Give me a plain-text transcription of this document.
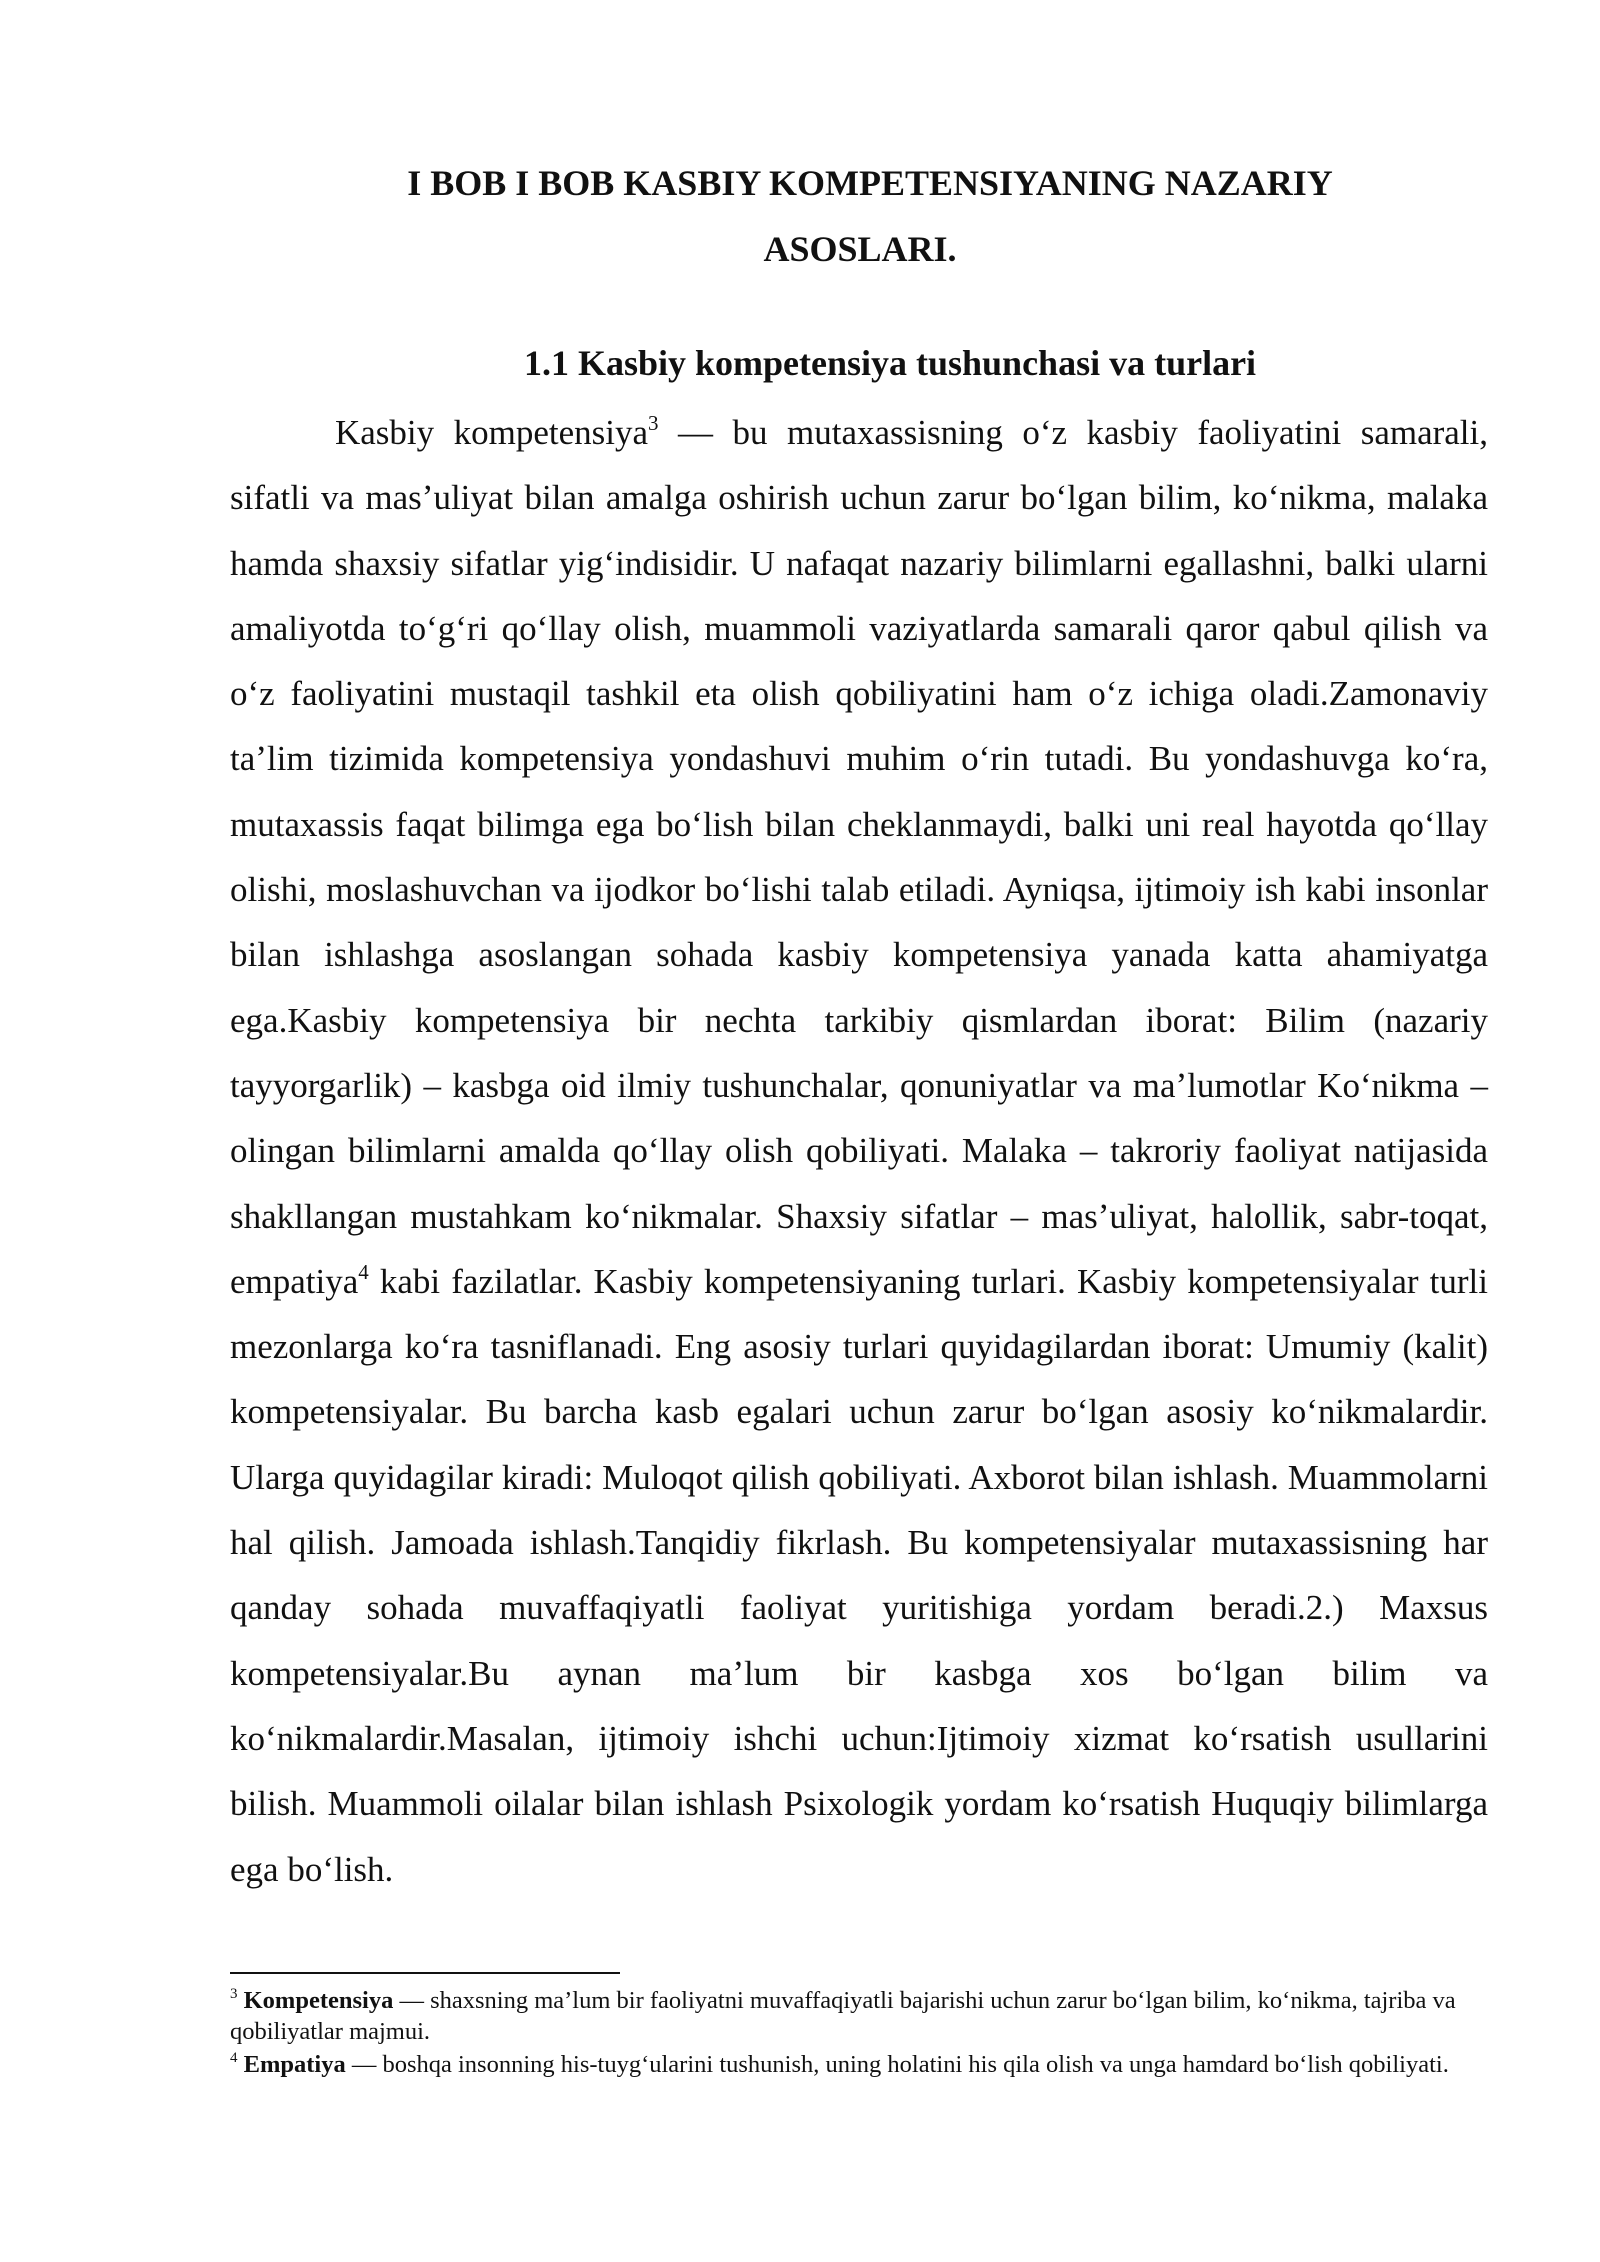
I BOB I BOB KASBIY KOMPETENSIYANING NAZARIY
ASOSLARI.
1.1 Kasbiy kompetensiya tushunchasi va turlari

Kasbiy kompetensiya$^3$ — bu mutaxassisning oʻz kasbiy faoliyatini samarali, sifatli va masʼuliyat bilan amalga oshirish uchun zarur boʻlgan bilim, koʻnikma, malaka hamda shaxsiy sifatlar yigʻindisidir. U nafaqat nazariy bilimlarni egallashni, balki ularni amaliyotda toʻgʻri qoʻllay olish, muammoli vaziyatlarda samarali qaror qabul qilish va oʻz faoliyatini mustaqil tashkil eta olish qobiliyatini ham oʻz ichiga oladi.Zamonaviy taʼlim tizimida kompetensiya yondashuvi muhim oʻrin tutadi. Bu yondashuvga koʻra, mutaxassis faqat bilimga ega boʻlish bilan cheklanmaydi, balki uni real hayotda qoʻllay olishi, moslashuvchan va ijodkor boʻlishi talab etiladi. Ayniqsa, ijtimoiy ish kabi insonlar bilan ishlashga asoslangan sohada kasbiy kompetensiya yanada katta ahamiyatga ega.Kasbiy kompetensiya bir nechta tarkibiy qismlardan iborat: Bilim (nazariy tayyorgarlik) – kasbga oid ilmiy tushunchalar, qonuniyatlar va maʼlumotlar Koʻnikma – olingan bilimlarni amalda qoʻllay olish qobiliyati. Malaka – takroriy faoliyat natijasida shakllangan mustahkam koʻnikmalar. Shaxsiy sifatlar – masʼuliyat, halollik, sabr-toqat, empatiya$^4$ kabi fazilatlar. Kasbiy kompetensiyaning turlari. Kasbiy kompetensiyalar turli mezonlarga koʻra tasniflanadi. Eng asosiy turlari quyidagilardan iborat: Umumiy (kalit) kompetensiyalar. Bu barcha kasb egalari uchun zarur boʻlgan asosiy koʻnikmalardir. Ularga quyidagilar kiradi: Muloqot qilish qobiliyati. Axborot bilan ishlash. Muammolarni hal qilish. Jamoada ishlash.Tanqidiy fikrlash. Bu kompetensiyalar mutaxassisning har qanday sohada muvaffaqiyatli faoliyat yuritishiga yordam beradi.2.) Maxsus kompetensiyalar.Bu aynan maʼlum bir kasbga xos boʻlgan bilim va koʻnikmalardir.Masalan, ijtimoiy ishchi uchun:Ijtimoiy xizmat koʻrsatish usullarini bilish. Muammoli oilalar bilan ishlash Psixologik yordam koʻrsatish Huquqiy bilimlarga ega boʻlish.

$^3$ Kompetensiya — shaxsning maʼlum bir faoliyatni muvaffaqiyatli bajarishi uchun zarur boʻlgan bilim, koʻnikma, tajriba va qobiliyatlar majmui.

$^4$ Empatiya — boshqa insonning his-tuygʻularini tushunish, uning holatini his qila olish va unga hamdard boʻlish qobiliyati.
